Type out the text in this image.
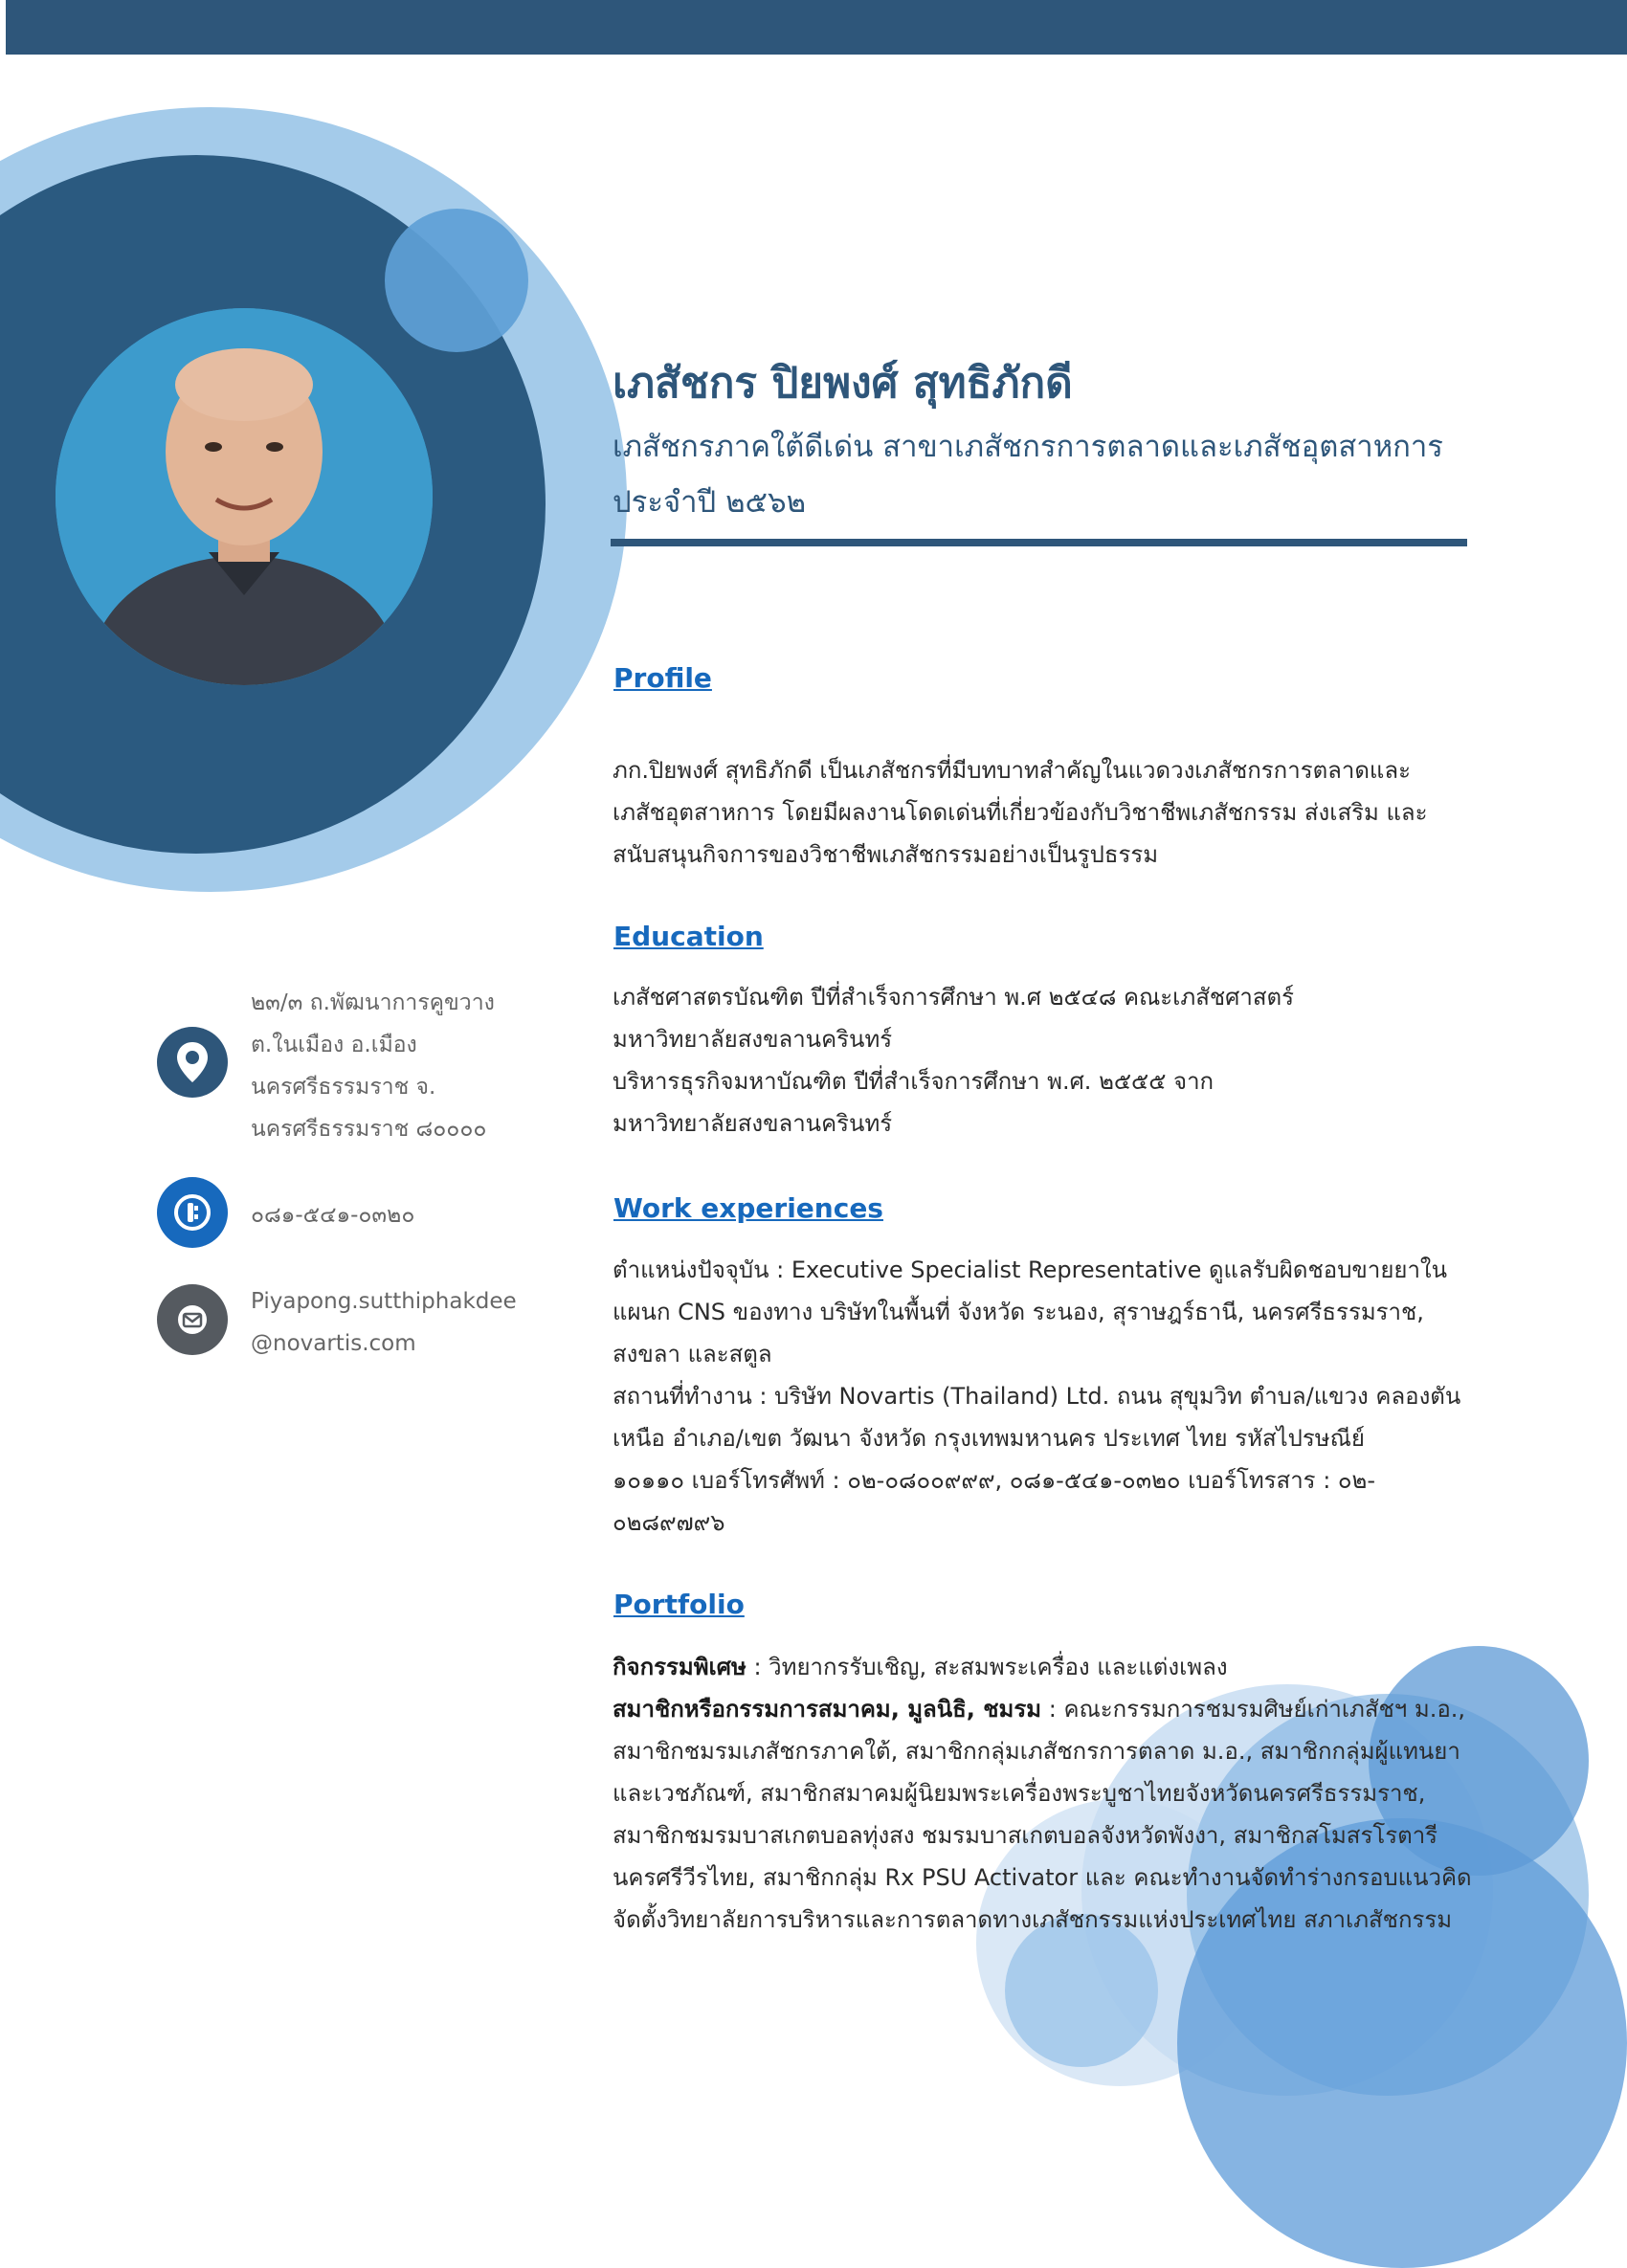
เภสัชกร ปิยพงศ์ สุทธิภักดี

เภสัชกรภาคใต้ดีเด่น สาขาเภสัชกรการตลาดและเภสัชอุตสาหการ ประจำปี ๒๕๖๒

๒๓/๓ ถ.พัฒนาการคูขวาง
ต.ในเมือง อ.เมือง
นครศรีธรรมราช จ.
นครศรีธรรมราช ๘๐๐๐๐
๐๘๑-๕๔๑-๐๓๒๐
Piyapong.sutthiphakdee
@novartis.com
Profile

ภก.ปิยพงศ์ สุทธิภักดี เป็นเภสัชกรที่มีบทบาทสำคัญในแวดวงเภสัชกรการตลาดและ

เภสัชอุตสาหการ โดยมีผลงานโดดเด่นที่เกี่ยวข้องกับวิชาชีพเภสัชกรรม ส่งเสริม และ

สนับสนุนกิจการของวิชาชีพเภสัชกรรมอย่างเป็นรูปธรรม

Education

เภสัชศาสตรบัณฑิต ปีที่สำเร็จการศึกษา พ.ศ ๒๕๔๘ คณะเภสัชศาสตร์

มหาวิทยาลัยสงขลานครินทร์

บริหารธุรกิจมหาบัณฑิต ปีที่สำเร็จการศึกษา พ.ศ. ๒๕๕๕ จาก

มหาวิทยาลัยสงขลานครินทร์

Work experiences

ตำแหน่งปัจจุบัน : Executive Specialist Representative ดูแลรับผิดชอบขายยาใน

แผนก CNS ของทาง บริษัทในพื้นที่ จังหวัด ระนอง, สุราษฎร์ธานี, นครศรีธรรมราช,

สงขลา และสตูล

สถานที่ทำงาน : บริษัท Novartis (Thailand) Ltd. ถนน สุขุมวิท ตำบล/แขวง คลองตัน

เหนือ อำเภอ/เขต วัฒนา จังหวัด กรุงเทพมหานคร ประเทศ ไทย รหัสไปรษณีย์

๑๐๑๑๐ เบอร์โทรศัพท์ : ๐๒-๐๘๐๐๙๙๙, ๐๘๑-๕๔๑-๐๓๒๐ เบอร์โทรสาร : ๐๒-

๐๒๘๙๗๙๖

Portfolio

กิจกรรมพิเศษ : วิทยากรรับเชิญ, สะสมพระเครื่อง และแต่งเพลง

สมาชิกหรือกรรมการสมาคม, มูลนิธิ, ชมรม : คณะกรรมการชมรมศิษย์เก่าเภสัชฯ ม.อ.,

สมาชิกชมรมเภสัชกรภาคใต้, สมาชิกกลุ่มเภสัชกรการตลาด ม.อ., สมาชิกกลุ่มผู้แทนยา

และเวชภัณฑ์, สมาชิกสมาคมผู้นิยมพระเครื่องพระบูชาไทยจังหวัดนครศรีธรรมราช,

สมาชิกชมรมบาสเกตบอลทุ่งสง ชมรมบาสเกตบอลจังหวัดพังงา, สมาชิกสโมสรโรตารี

นครศรีวีรไทย, สมาชิกกลุ่ม Rx PSU Activator และ คณะทำงานจัดทำร่างกรอบแนวคิด

จัดตั้งวิทยาลัยการบริหารและการตลาดทางเภสัชกรรมแห่งประเทศไทย สภาเภสัชกรรม
